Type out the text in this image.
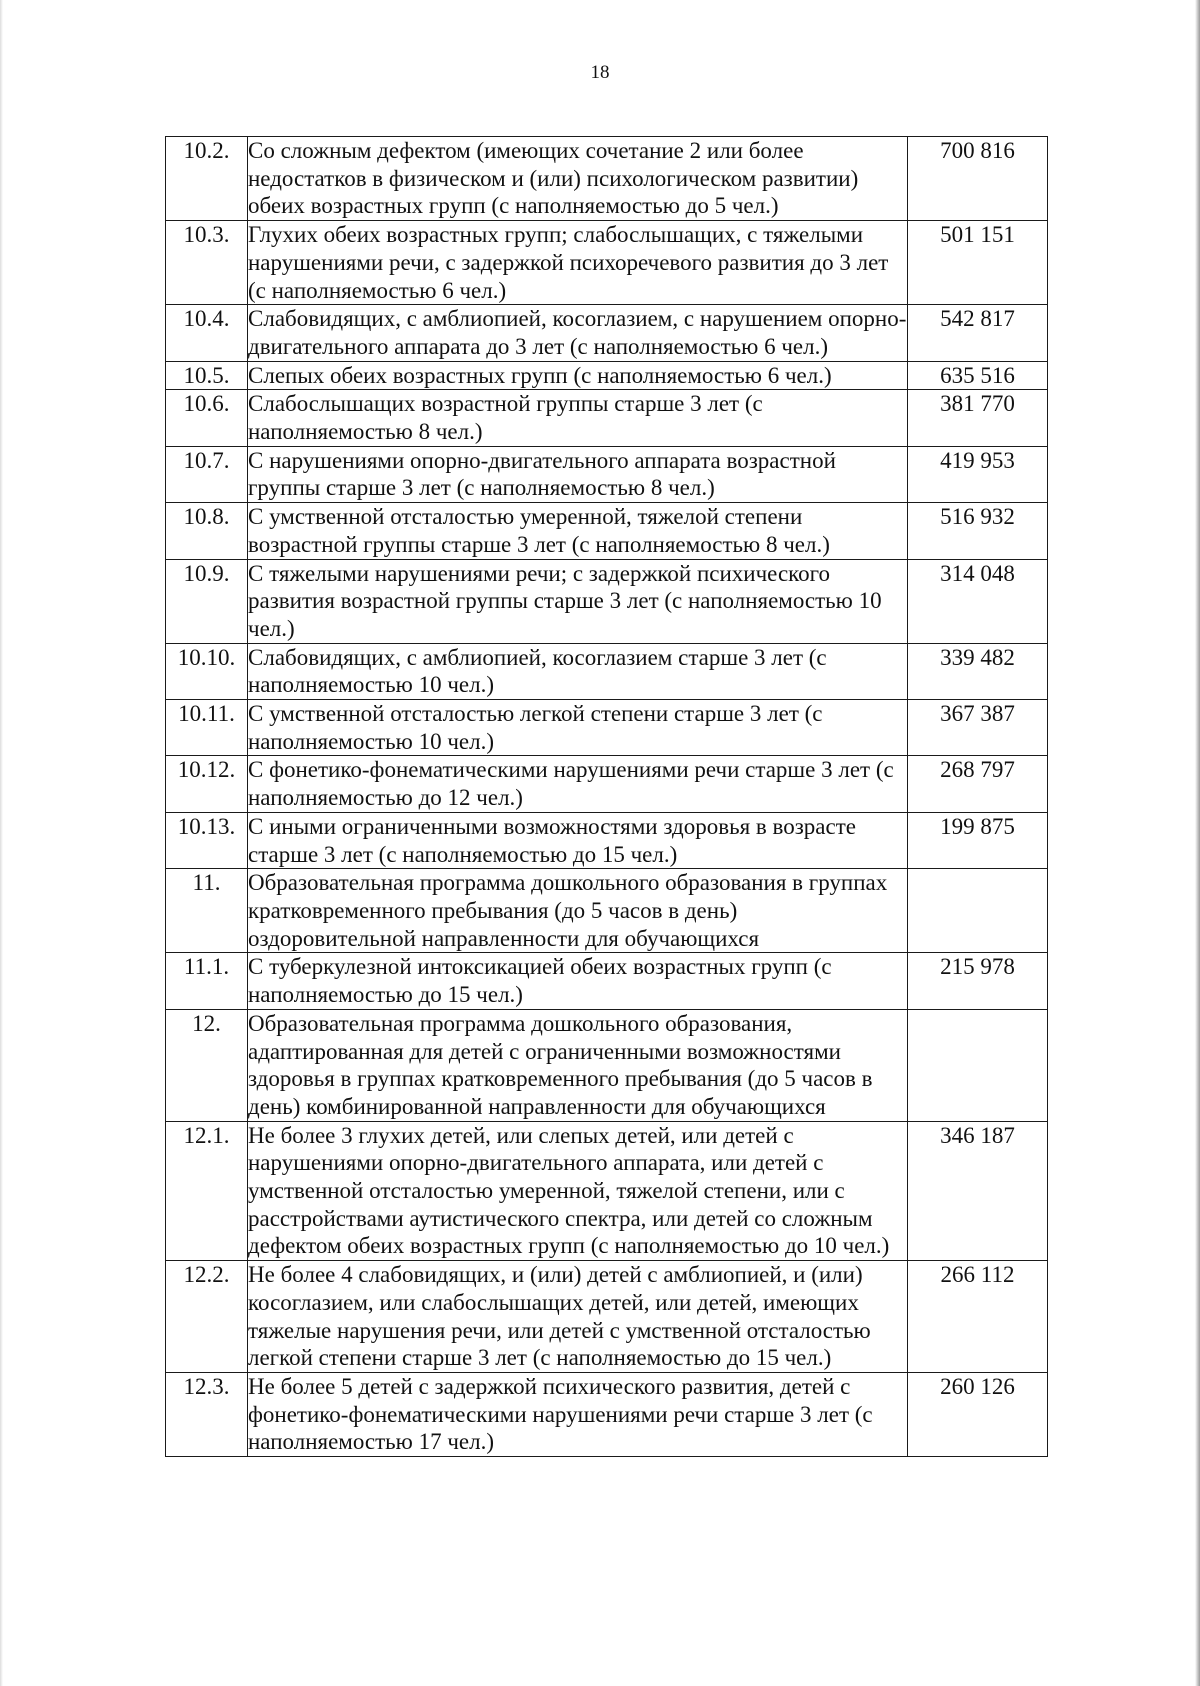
18
10.2.	Со сложным дефектом (имеющих сочетание 2 или более недостатков в физическом и (или) психологическом развитии) обеих возрастных групп (с наполняемостью до 5 чел.)	700 816
10.3.	Глухих обеих возрастных групп; слабослышащих, с тяжелыми нарушениями речи, с задержкой психоречевого развития до 3 лет (с наполняемостью 6 чел.)	501 151
10.4.	Слабовидящих, с амблиопией, косоглазием, с нарушением опорно-двигательного аппарата до 3 лет (с наполняемостью 6 чел.)	542 817
10.5.	Слепых обеих возрастных групп (с наполняемостью 6 чел.)	635 516
10.6.	Слабослышащих возрастной группы старше 3 лет (с наполняемостью 8 чел.)	381 770
10.7.	С нарушениями опорно-двигательного аппарата возрастной группы старше 3 лет (с наполняемостью 8 чел.)	419 953
10.8.	С умственной отсталостью умеренной, тяжелой степени возрастной группы старше 3 лет (с наполняемостью 8 чел.)	516 932
10.9.	С тяжелыми нарушениями речи; с задержкой психического развития возрастной группы старше 3 лет (с наполняемостью 10 чел.)	314 048
10.10.	Слабовидящих, с амблиопией, косоглазием старше 3 лет (с наполняемостью 10 чел.)	339 482
10.11.	С умственной отсталостью легкой степени старше 3 лет (с наполняемостью 10 чел.)	367 387
10.12.	С фонетико-фонематическими нарушениями речи старше 3 лет (с наполняемостью до 12 чел.)	268 797
10.13.	С иными ограниченными возможностями здоровья в возрасте старше 3 лет (с наполняемостью до 15 чел.)	199 875
11.	Образовательная программа дошкольного образования в группах кратковременного пребывания (до 5 часов в день) оздоровительной направленности для обучающихся	
11.1.	С туберкулезной интоксикацией обеих возрастных групп (с наполняемостью до 15 чел.)	215 978
12.	Образовательная программа дошкольного образования, адаптированная для детей с ограниченными возможностями здоровья в группах кратковременного пребывания (до 5 часов в день) комбинированной направленности для обучающихся	
12.1.	Не более 3 глухих детей, или слепых детей, или детей с нарушениями опорно-двигательного аппарата, или детей с умственной отсталостью умеренной, тяжелой степени, или с расстройствами аутистического спектра, или детей со сложным дефектом обеих возрастных групп (с наполняемостью до 10 чел.)	346 187
12.2.	Не более 4 слабовидящих, и (или) детей с амблиопией, и (или) косоглазием, или слабослышащих детей, или детей, имеющих тяжелые нарушения речи, или детей с умственной отсталостью легкой степени старше 3 лет (с наполняемостью до 15 чел.)	266 112
12.3.	Не более 5 детей с задержкой психического развития, детей с фонетико-фонематическими нарушениями речи старше 3 лет (с наполняемостью 17 чел.)	260 126
